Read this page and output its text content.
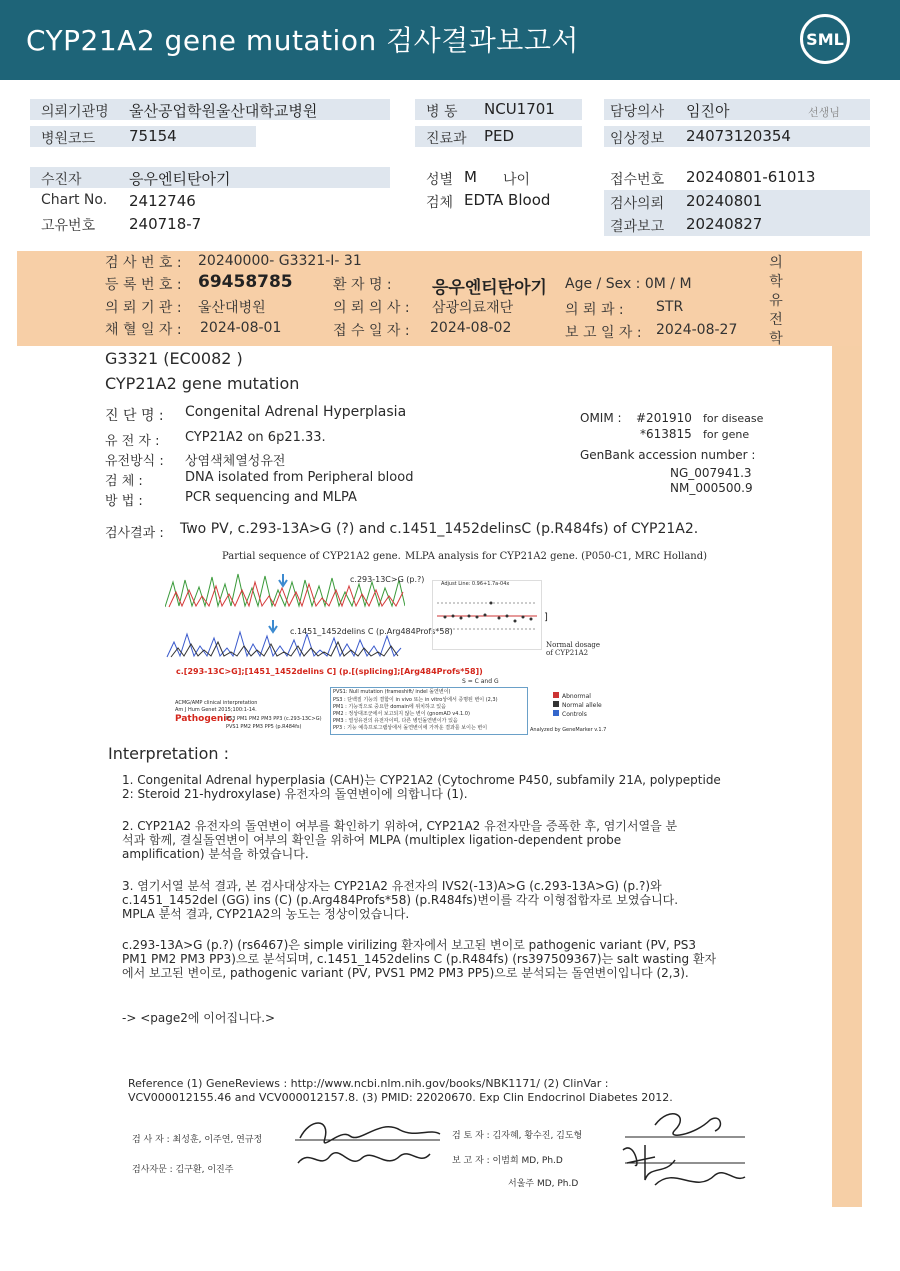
CYP21A2 gene mutation 검사결과보고서	SML
의뢰기관명 울산공업학원울산대학교병원
병원코드 75154
병 동 NCU1701
진료과 PED
담당의사 임진아	선생님
임상정보 24073120354
수진자	응우엔티탄아기
Chart No. 2412746
고유번호 240718-7
성별 M 나이
검체 EDTA Blood
접수번호 20240801-61013
검사의뢰 20240801
결과보고 20240827
검 사 번 호 : 20240000- G3321-I- 31
등 록 번 호 : 69458785	환 자 명 : 응우엔티탄아기 Age / Sex : 0M / M
의 뢰 기 관 : 울산대병원	의 뢰 의 사 : 삼광의료재단	의 뢰 과 : STR
채 혈 일 자 : 2024-08-01	접 수 일 자 : 2024-08-02	보 고 일 자 : 2024-08-27
의
학
유
전
학
G3321 (EC0082 )
CYP21A2 gene mutation
진 단 명 : Congenital Adrenal Hyperplasia
유 전 자 : CYP21A2 on 6p21.33.
유전방식 : 상염색체열성유전
검 체 :	DNA isolated from Peripheral blood
방 법 :	PCR sequencing and MLPA
OMIM : #201910 for disease
*613815 for gene
GenBank accession number :
NG_007941.3
NM_000500.9
검사결과 : Two PV, c.293-13A>G (?) and c.1451_1452delinsC (p.R484fs) of CYP21A2.
Partial sequence of CYP21A2 gene. MLPA analysis for CYP21A2 gene. (P050-C1, MRC Holland)
c.293-13C>G (p.?)
c.1451_1452delins C (p.Arg484Profs*58)
Adjust Line: 0.96+1.7a-04x
]
Normal dosage of CYP21A2
c.[293-13C>G];[1451_1452delins C] (p.[(splicing];[Arg484Profs*58])
S = C and G
ACMG/AMP clinical interpretation
Am J Hum Genet 2015;100:1-14.
Pathogenic,
PS3 PM1 PM2 PM3 PP3 (c.293-13C>G)
PVS1 PM2 PM3 PP5 (p.R484fs)
PVS1: Null mutation (frameshift/ indel 돌연변이)
PS3 : 단백질 기능의 결함이 in vivo 또는 in vitro상에서 증명된 변이 (2,3)
PM1 : 기능적으로 중요한 domain에 위치하고 있음
PM2 : 정상대조군에서 보고되지 않는 변이 (gnomAD v4.1.0)
PM3 : 열성유전의 유전자이며, 다른 병인돌연변이가 있음
PP3 : 기능 예측프로그램상에서 돌연변이에 가까운 결과를 보이는 변이
Abnormal
Normal allele
Controls
Analyzed by GeneMarker v.1.7
Interpretation :
1. Congenital Adrenal hyperplasia (CAH)는 CYP21A2 (Cytochrome P450, subfamily 21A, polypeptide
2: Steroid 21-hydroxylase) 유전자의 돌연변이에 의합니다 (1).
2. CYP21A2 유전자의 돌연변이 여부를 확인하기 위하여, CYP21A2 유전자만을 증폭한 후, 염기서열을 분
석과 함께, 결실돌연변이 여부의 확인을 위하여 MLPA (multiplex ligation-dependent probe
amplification) 분석을 하였습니다.
3. 염기서열 분석 결과, 본 검사대상자는 CYP21A2 유전자의 IVS2(-13)A>G (c.293-13A>G) (p.?)와
c.1451_1452del (GG) ins (C) (p.Arg484Profs*58) (p.R484fs)변이를 각각 이형접합자로 보였습니다.
MPLA 분석 결과, CYP21A2의 농도는 정상이었습니다.
c.293-13A>G (p.?) (rs6467)은 simple virilizing 환자에서 보고된 변이로 pathogenic variant (PV, PS3
PM1 PM2 PM3 PP3)으로 분석되며, c.1451_1452delins C (p.R484fs) (rs397509367)는 salt wasting 환자
에서 보고된 변이로, pathogenic variant (PV, PVS1 PM2 PM3 PP5)으로 분석되는 돌연변이입니다 (2,3).
-> <page2에 이어집니다.>
Reference (1) GeneReviews : http://www.ncbi.nlm.nih.gov/books/NBK1171/ (2) ClinVar :
VCV000012155.46 and VCV000012157.8. (3) PMID: 22020670. Exp Clin Endocrinol Diabetes 2012.
검 사 자 : 최성훈, 이주연, 연규정
검사자문 : 김구환, 이진주
검 토 자 : 김자혜, 황수진, 김도형
보 고 자 : 이범희 MD, Ph.D
서울주 MD, Ph.D
